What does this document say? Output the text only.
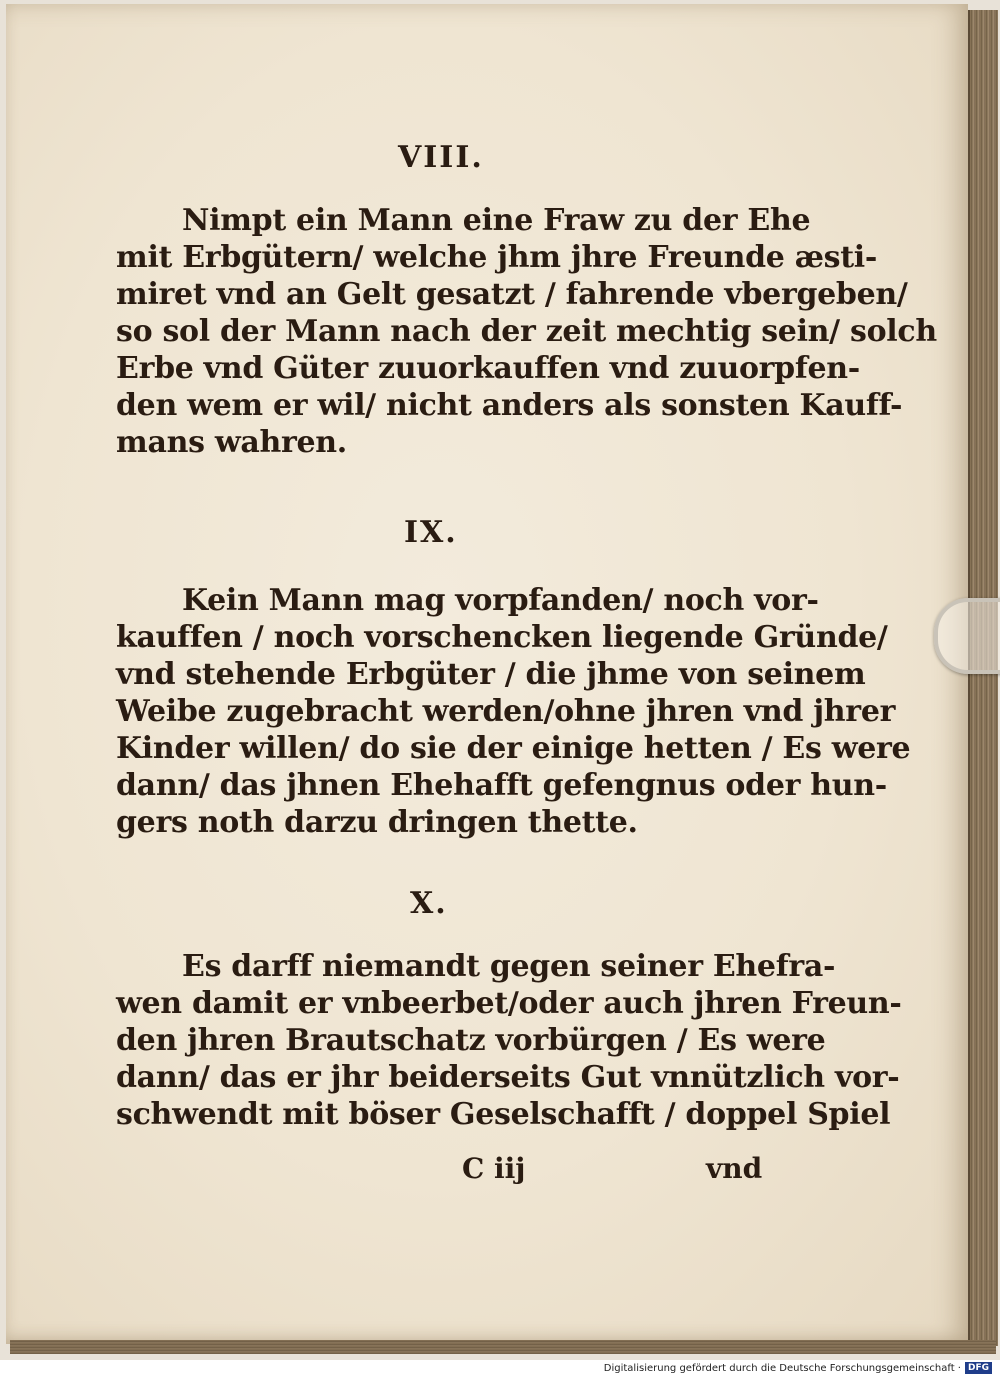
VIII.
Nimpt ein Mann eine Fraw zu der Ehe
mit Erbgütern/ welche jhm jhre Freunde æsti-
miret vnd an Gelt gesatzt / fahrende vbergeben/
so sol der Mann nach der zeit mechtig sein/ solch
Erbe vnd Güter zuuorkauffen vnd zuuorpfen-
den wem er wil/ nicht anders als sonsten Kauff-
mans wahren.
IX.
Kein Mann mag vorpfanden/ noch vor-
kauffen / noch vorschencken liegende Gründe/
vnd stehende Erbgüter / die jhme von seinem
Weibe zugebracht werden/ohne jhren vnd jhrer
Kinder willen/ do sie der einige hetten / Es were
dann/ das jhnen Ehehafft gefengnus oder hun-
gers noth darzu dringen thette.
X.
Es darff niemandt gegen seiner Ehefra-
wen damit er vnbeerbet/oder auch jhren Freun-
den jhren Brautschatz vorbürgen / Es were
dann/ das er jhr beiderseits Gut vnnützlich vor-
schwendt mit böser Geselschafft / doppel Spiel
C iij	vnd
Digitalisierung gefördert durch die Deutsche Forschungsgemeinschaft · DFG
